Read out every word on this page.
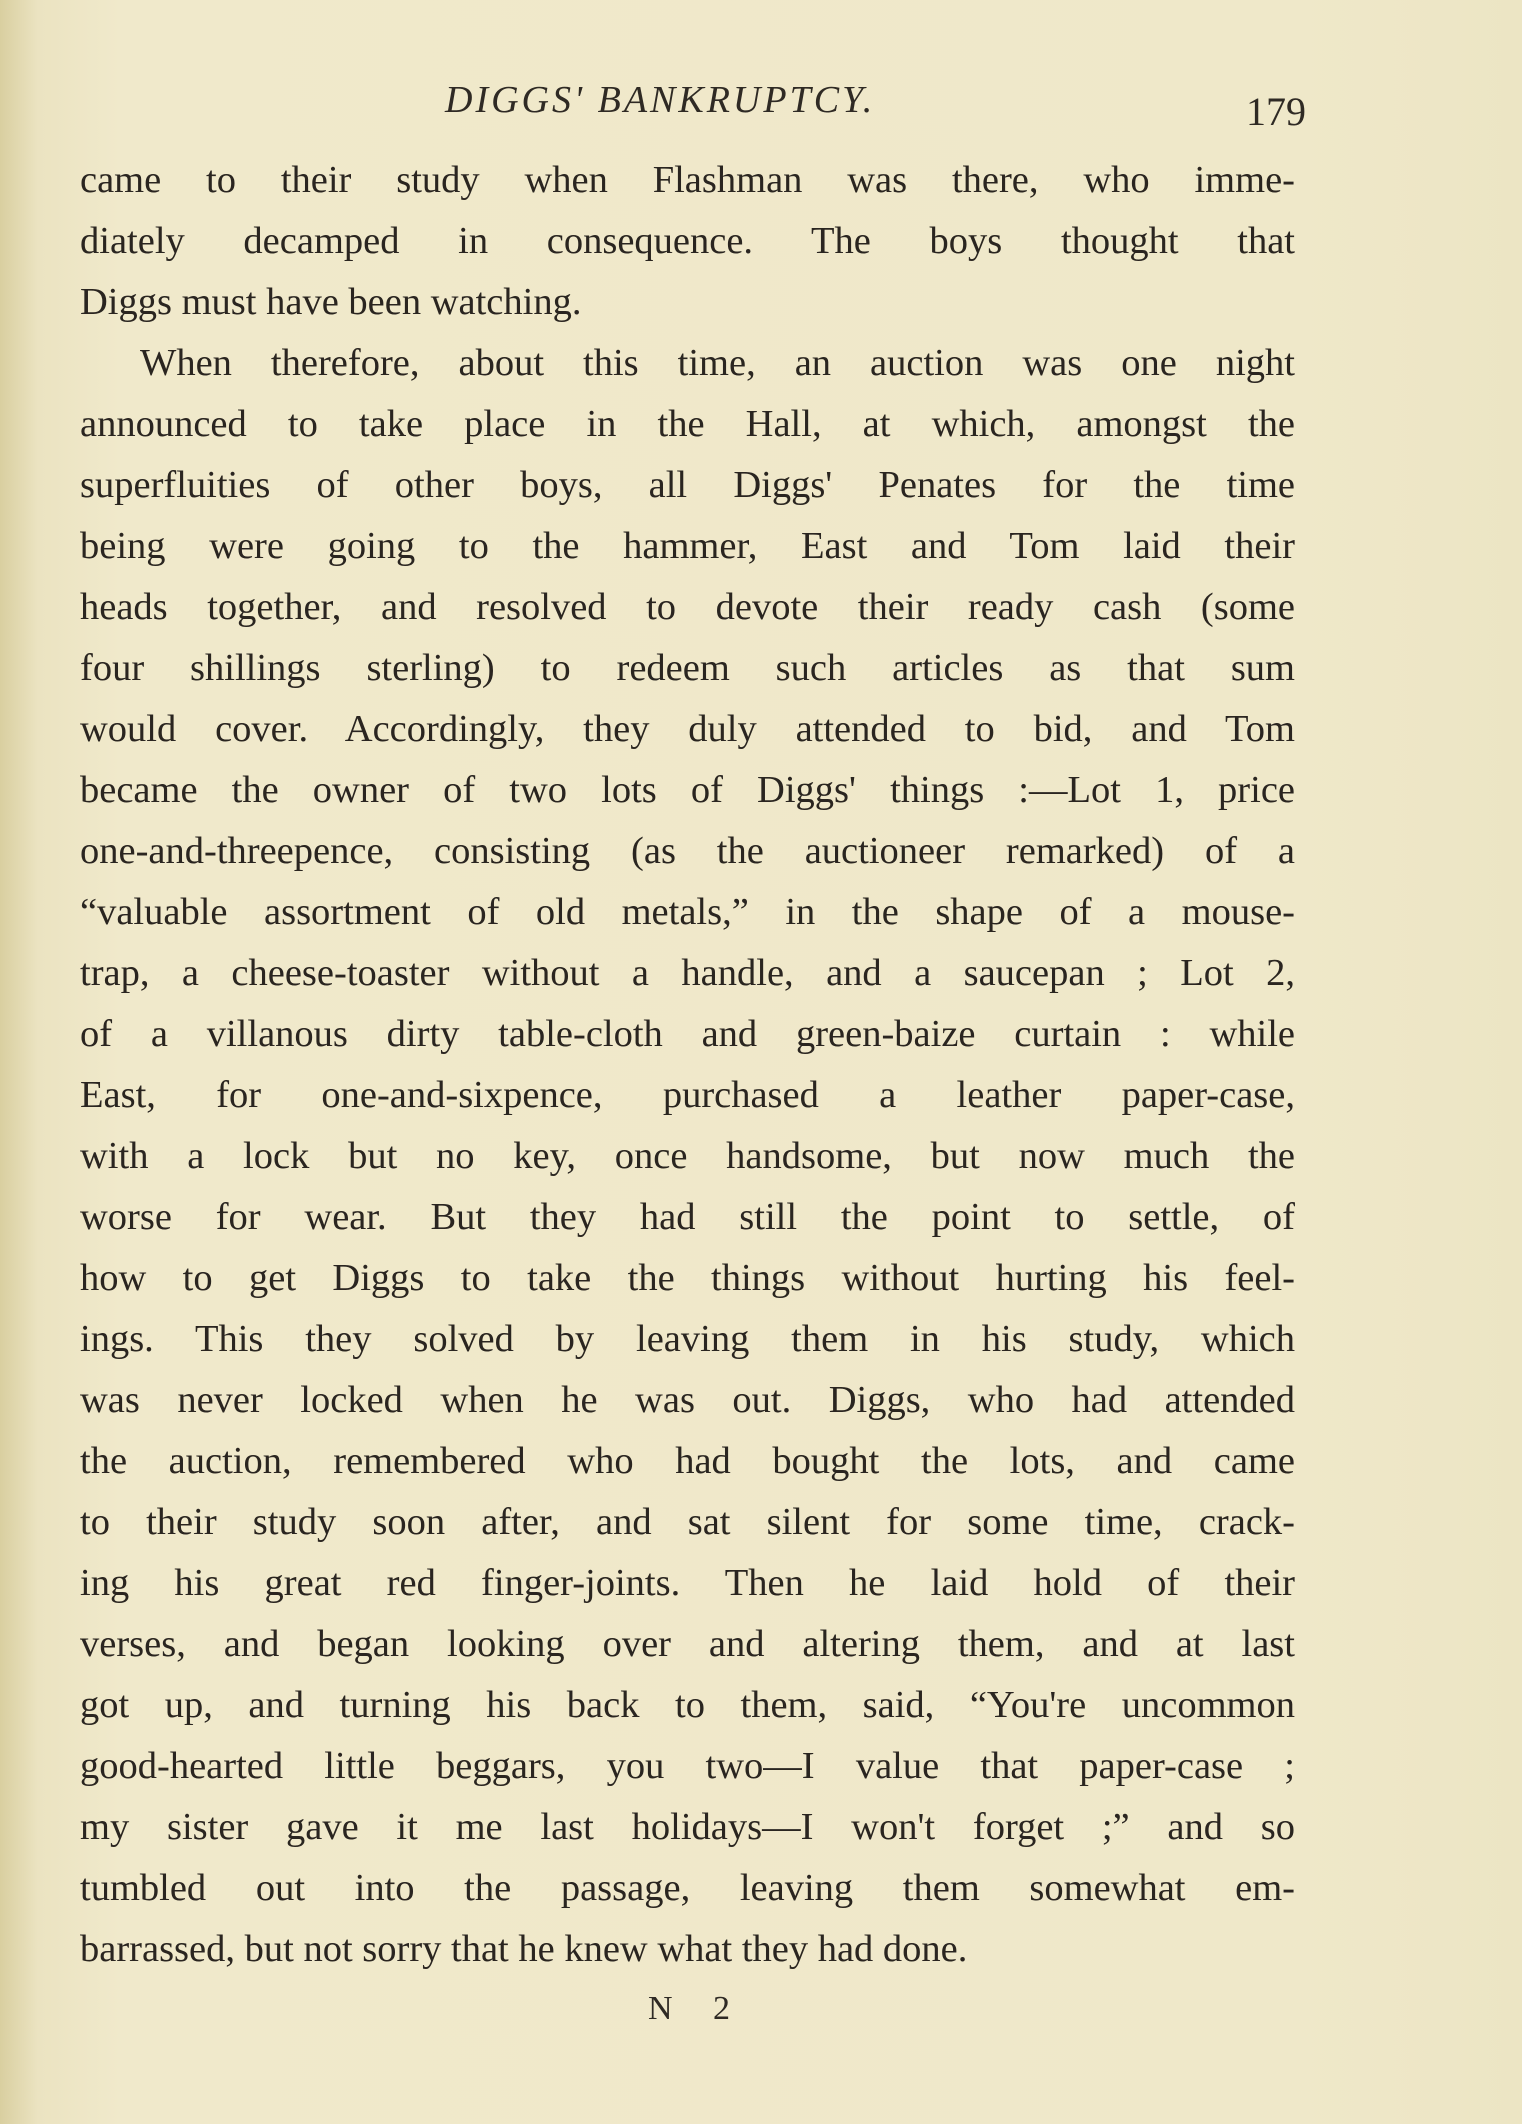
DIGGS' BANKRUPTCY.	179
came to their study when Flashman was there, who imme-
diately decamped in consequence. The boys thought that
Diggs must have been watching.
When therefore, about this time, an auction was one night
announced to take place in the Hall, at which, amongst the
superfluities of other boys, all Diggs' Penates for the time
being were going to the hammer, East and Tom laid their
heads together, and resolved to devote their ready cash (some
four shillings sterling) to redeem such articles as that sum
would cover. Accordingly, they duly attended to bid, and Tom
became the owner of two lots of Diggs' things :—Lot 1, price
one-and-threepence, consisting (as the auctioneer remarked) of a
“valuable assortment of old metals,” in the shape of a mouse-
trap, a cheese-toaster without a handle, and a saucepan ; Lot 2,
of a villanous dirty table-cloth and green-baize curtain : while
East, for one-and-sixpence, purchased a leather paper-case,
with a lock but no key, once handsome, but now much the
worse for wear. But they had still the point to settle, of
how to get Diggs to take the things without hurting his feel-
ings. This they solved by leaving them in his study, which
was never locked when he was out. Diggs, who had attended
the auction, remembered who had bought the lots, and came
to their study soon after, and sat silent for some time, crack-
ing his great red finger-joints. Then he laid hold of their
verses, and began looking over and altering them, and at last
got up, and turning his back to them, said, “You're uncommon
good-hearted little beggars, you two—I value that paper-case ;
my sister gave it me last holidays—I won't forget ;” and so
tumbled out into the passage, leaving them somewhat em-
barrassed, but not sorry that he knew what they had done.
N 2
